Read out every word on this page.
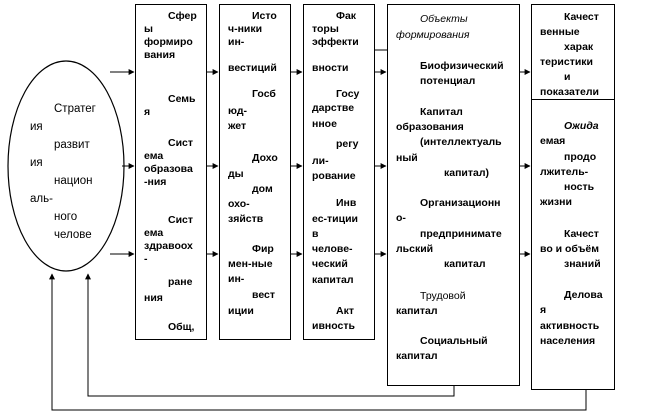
Стратег
ия
развит
ия
национ
аль-
ного
челове
Сфер
ы
формиро
вания
Семь
я
Сист
ема
образова
-ния
Сист
ема
здравоох
-
ране
ния
Общ,
Исто
ч-ники
ин-
вестиций
Госб
юд-
жет
Дохо
ды
дом
охо-
зяйств
Фир
мен-ные
ин-
вест
иции
Фак
торы
эффекти
вности
Госу
дарстве
нное
регу
ли-
рование
Инв
ес-тиции
в
челове-
ческий
капитал
Акт
ивность
Объекты
формирования
Биофизический
потенциал
Капитал
образования
(интеллектуаль
ный
капитал)
Организационн
о-
предпринимате
льский
капитал
Трудовой
капитал
Социальный
капитал
Качест
венные
харак
теристики
и
показатели
Ожида
емая
продо
лжитель-
ность
жизни
Качест
во и объём
знаний
Делова
я
активность
населения
